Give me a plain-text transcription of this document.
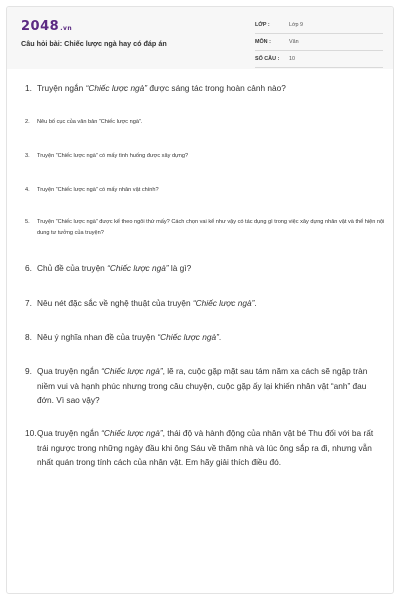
2048.vn
Câu hỏi bài: Chiếc lược ngà hay có đáp án
LỚP :	Lớp 9
MÔN :	Văn
SỐ CÂU : 10
1. Truyện ngắn “Chiếc lược ngà” được sáng tác trong hoàn cảnh nào?
2.	Nêu bố cục của văn bản “Chiếc lược ngà”.
3.	Truyện “Chiếc lược ngà” có mấy tình huống được xây dựng?
4.	Truyện “Chiếc lược ngà” có mấy nhân vật chính?
5.	Truyện “Chiếc lược ngà” được kể theo ngôi thứ mấy? Cách chọn vai kể như vậy có tác dụng gì trong việc xây dựng nhân vật và thể hiện nội dung tư tưởng của truyện?
6. Chủ đề của truyện “Chiếc lược ngà” là gì?
7. Nêu nét đặc sắc về nghệ thuật của truyện “Chiếc lược ngà”.
8. Nêu ý nghĩa nhan đề của truyện “Chiếc lược ngà”.
9. Qua truyện ngắn “Chiếc lược ngà”, lẽ ra, cuộc gặp mặt sau tám năm xa cách sẽ ngập tràn niềm vui và hạnh phúc nhưng trong câu chuyện, cuộc gặp ấy lại khiến nhân vật “anh” đau đớn. Vì sao vậy?
10. Qua truyện ngắn “Chiếc lược ngà”, thái độ và hành động của nhân vật bé Thu đối với ba rất trái ngược trong những ngày đầu khi ông Sáu về thăm nhà và lúc ông sắp ra đi, nhưng vẫn nhất quán trong tính cách của nhân vật. Em hãy giải thích điều đó.
